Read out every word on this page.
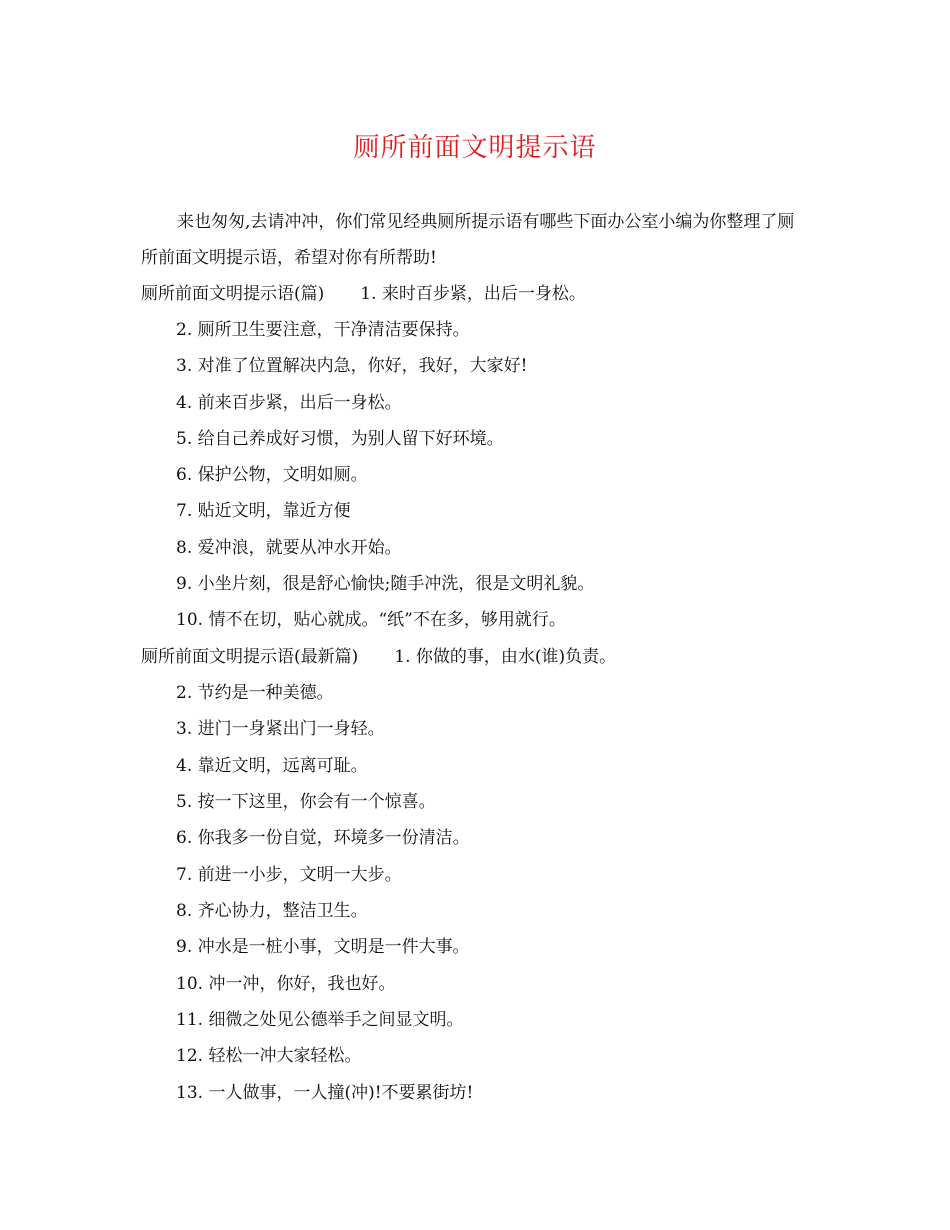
厕所前面文明提示语
来也匆匆,去请冲冲，你们常见经典厕所提示语有哪些下面办公室小编为你整理了厕所前面文明提示语，希望对你有所帮助!
厕所前面文明提示语(篇) 1. 来时百步紧，出后一身松。
2. 厕所卫生要注意，干净清洁要保持。
3. 对准了位置解决内急，你好，我好，大家好!
4. 前来百步紧，出后一身松。
5. 给自己养成好习惯，为别人留下好环境。
6. 保护公物，文明如厕。
7. 贴近文明，靠近方便
8. 爱冲浪，就要从冲水开始。
9. 小坐片刻，很是舒心愉快;随手冲洗，很是文明礼貌。
10. 情不在切，贴心就成。“纸”不在多，够用就行。
厕所前面文明提示语(最新篇) 1. 你做的事，由水(谁)负责。
2. 节约是一种美德。
3. 进门一身紧出门一身轻。
4. 靠近文明，远离可耻。
5. 按一下这里，你会有一个惊喜。
6. 你我多一份自觉，环境多一份清洁。
7. 前进一小步，文明一大步。
8. 齐心协力，整洁卫生。
9. 冲水是一桩小事，文明是一件大事。
10. 冲一冲，你好，我也好。
11. 细微之处见公德举手之间显文明。
12. 轻松一冲大家轻松。
13. 一人做事，一人撞(冲)!不要累街坊!
